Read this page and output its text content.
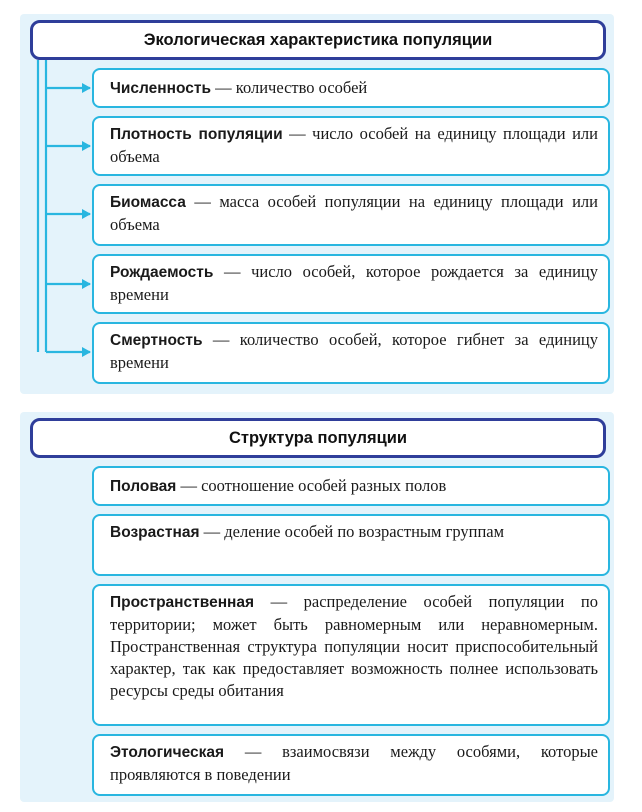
Экологическая характеристика популяции
Численность — количество особей
Плотность популяции — число особей на единицу площади или объема
Биомасса — масса особей популяции на единицу площади или объема
Рождаемость — число особей, которое рождается за единицу времени
Смертность — количество особей, которое гибнет за единицу времени
Структура популяции
Половая — соотношение особей разных полов
Возрастная — деление особей по возрастным группам
Пространственная — распределение особей популяции по территории; может быть равномерным или неравномерным. Пространственная структура популяции носит приспособительный характер, так как предоставляет возможность полнее использовать ресурсы среды обитания
Этологическая — взаимосвязи между особями, которые проявляются в поведении
